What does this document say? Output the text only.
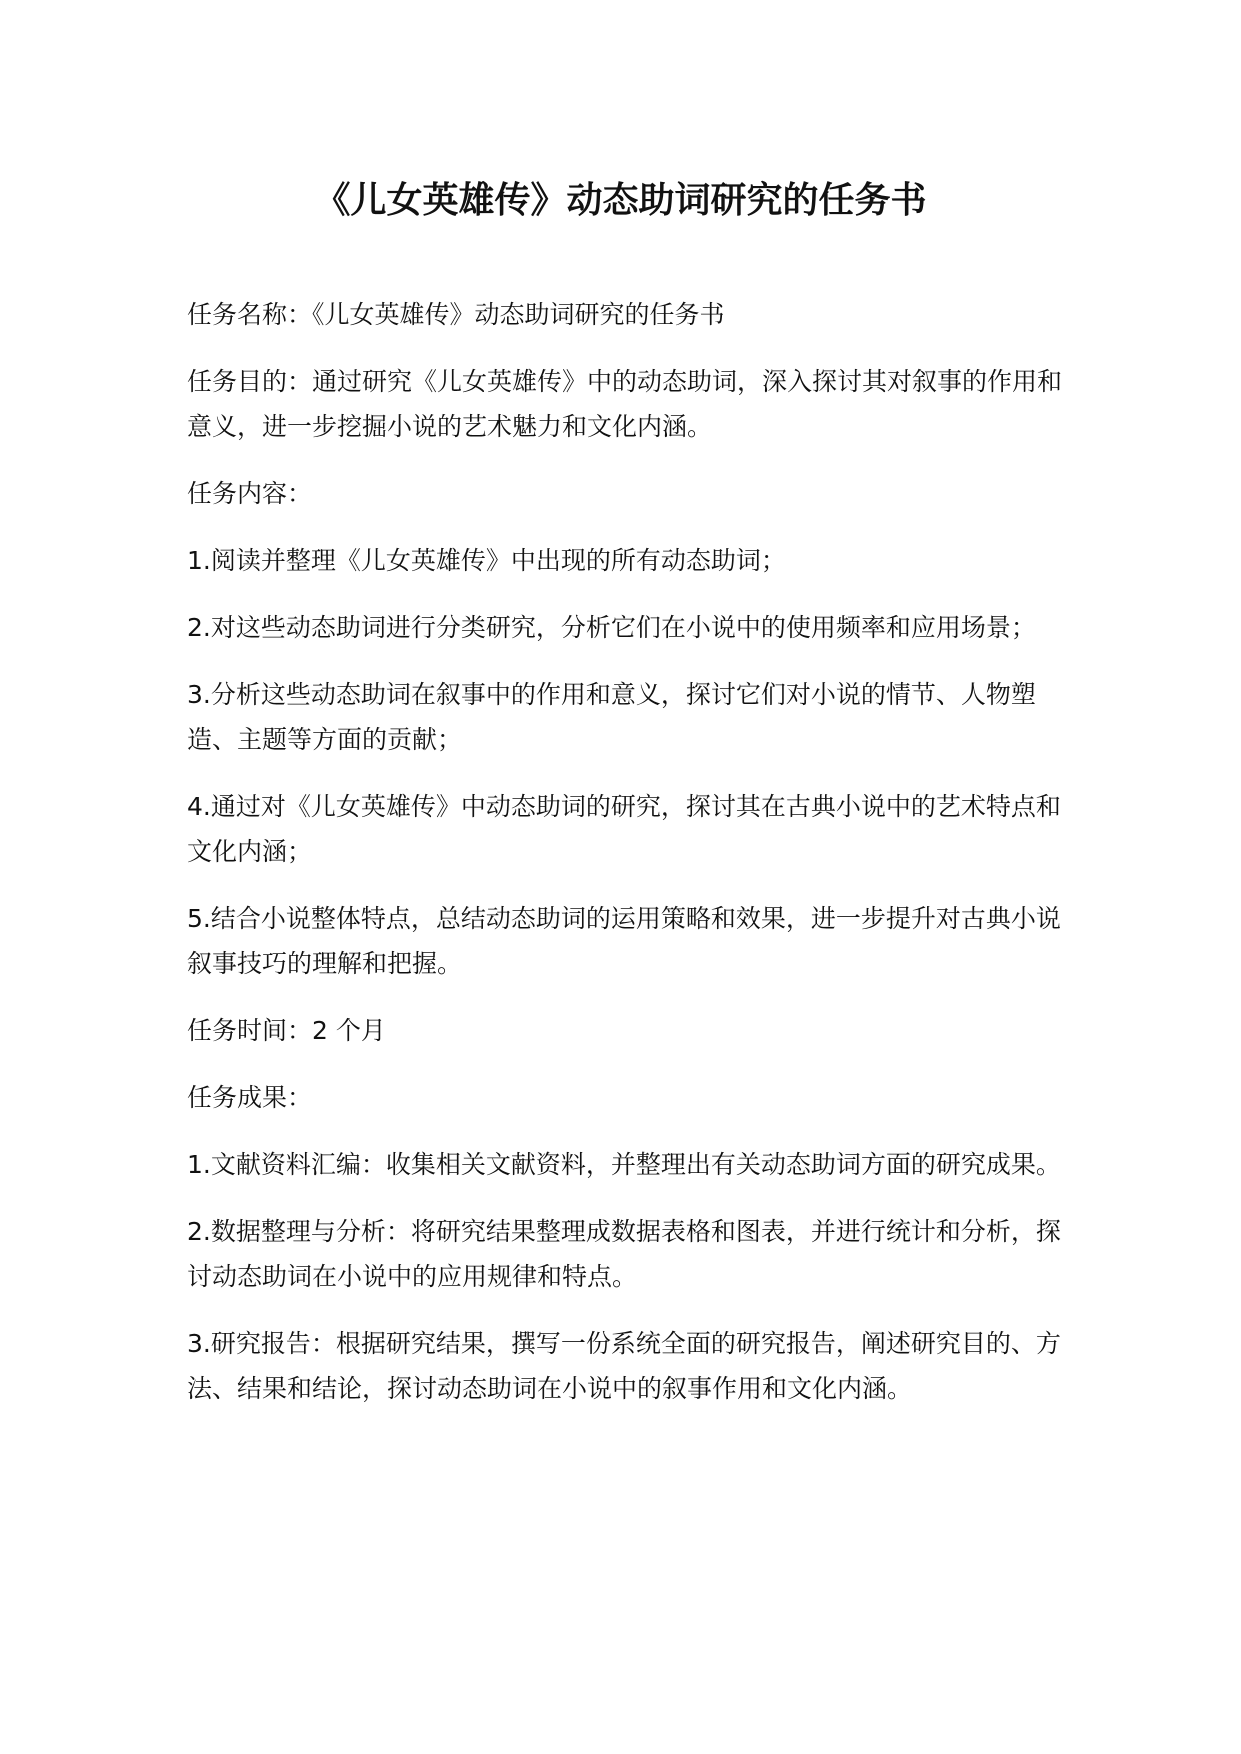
《儿女英雄传》动态助词研究的任务书

任务名称：《儿女英雄传》动态助词研究的任务书

任务目的：通过研究《儿女英雄传》中的动态助词，深入探讨其对叙事的作用和意义，进一步挖掘小说的艺术魅力和文化内涵。

任务内容：

1.阅读并整理《儿女英雄传》中出现的所有动态助词；

2.对这些动态助词进行分类研究，分析它们在小说中的使用频率和应用场景；

3.分析这些动态助词在叙事中的作用和意义，探讨它们对小说的情节、人物塑造、主题等方面的贡献；

4.通过对《儿女英雄传》中动态助词的研究，探讨其在古典小说中的艺术特点和文化内涵；

5.结合小说整体特点，总结动态助词的运用策略和效果，进一步提升对古典小说叙事技巧的理解和把握。

任务时间：2 个月

任务成果：

1.文献资料汇编：收集相关文献资料，并整理出有关动态助词方面的研究成果。

2.数据整理与分析：将研究结果整理成数据表格和图表，并进行统计和分析，探讨动态助词在小说中的应用规律和特点。

3.研究报告：根据研究结果，撰写一份系统全面的研究报告，阐述研究目的、方法、结果和结论，探讨动态助词在小说中的叙事作用和文化内涵。
